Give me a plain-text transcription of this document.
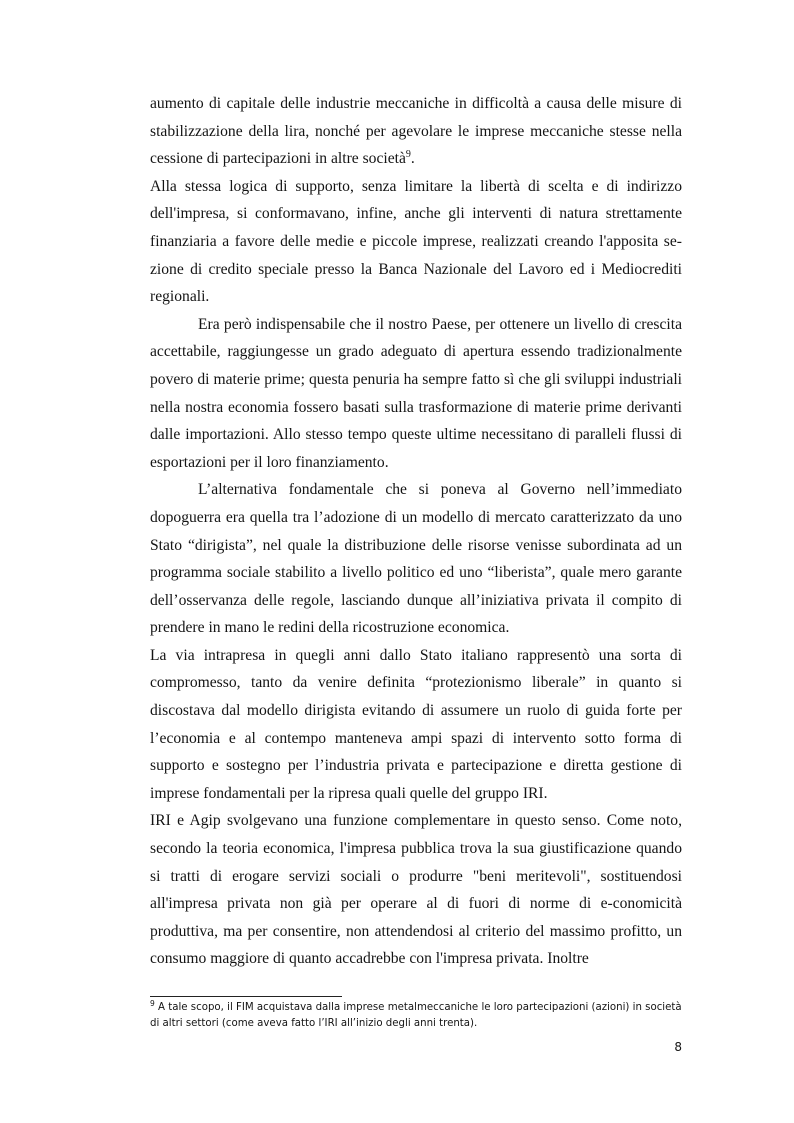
aumento di capitale delle industrie meccaniche in difficoltà a causa delle misure di stabilizzazione della lira, nonché per agevolare le imprese meccaniche stesse nella cessione di partecipazioni in altre società$^9$.

Alla stessa logica di supporto, senza limitare la libertà di scelta e di indirizzo dell'impresa, si conformavano, infine, anche gli interventi di natura strettamente finanziaria a favore delle medie e piccole imprese, realizzati creando l'apposita se-zione di credito speciale presso la Banca Nazionale del Lavoro ed i Mediocrediti regionali.

Era però indispensabile che il nostro Paese, per ottenere un livello di crescita accettabile, raggiungesse un grado adeguato di apertura essendo tradizionalmente povero di materie prime; questa penuria ha sempre fatto sì che gli sviluppi industriali nella nostra economia fossero basati sulla trasformazione di materie prime derivanti dalle importazioni. Allo stesso tempo queste ultime necessitano di paralleli flussi di esportazioni per il loro finanziamento.

L’alternativa fondamentale che si poneva al Governo nell’immediato dopoguerra era quella tra l’adozione di un modello di mercato caratterizzato da uno Stato “dirigista”, nel quale la distribuzione delle risorse venisse subordinata ad un programma sociale stabilito a livello politico ed uno “liberista”, quale mero garante dell’osservanza delle regole, lasciando dunque all’iniziativa privata il compito di prendere in mano le redini della ricostruzione economica.

La via intrapresa in quegli anni dallo Stato italiano rappresentò una sorta di compromesso, tanto da venire definita “protezionismo liberale” in quanto si discostava dal modello dirigista evitando di assumere un ruolo di guida forte per l’economia e al contempo manteneva ampi spazi di intervento sotto forma di supporto e sostegno per l’industria privata e partecipazione e diretta gestione di imprese fondamentali per la ripresa quali quelle del gruppo IRI.

IRI e Agip svolgevano una funzione complementare in questo senso. Come noto, secondo la teoria economica, l'impresa pubblica trova la sua giustificazione quando si tratti di erogare servizi sociali o produrre "beni meritevoli", sostituendosi all'impresa privata non già per operare al di fuori di norme di e-conomicità produttiva, ma per consentire, non attendendosi al criterio del massimo profitto, un consumo maggiore di quanto accadrebbe con l'impresa privata. Inoltre

$^9$ A tale scopo, il FIM acquistava dalla imprese metalmeccaniche le loro partecipazioni (azioni) in società di altri settori (come aveva fatto l’IRI all’inizio degli anni trenta).
8
